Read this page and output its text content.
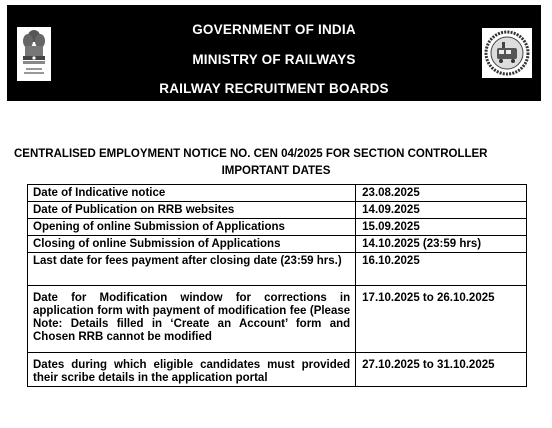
GOVERNMENT OF INDIA
MINISTRY OF RAILWAYS
RAILWAY RECRUITMENT BOARDS
CENTRALISED EMPLOYMENT NOTICE NO. CEN 04/2025 FOR SECTION CONTROLLER
IMPORTANT DATES
Date of Indicative notice	23.08.2025
Date of Publication on RRB websites	14.09.2025
Opening of online Submission of Applications	15.09.2025
Closing of online Submission of Applications	14.10.2025 (23:59 hrs)
Last date for fees payment after closing date (23:59 hrs.)	16.10.2025
Date for Modification window for corrections in application form with payment of modification fee (Please Note: Details filled in ‘Create an Account’ form and Chosen RRB cannot be modified	17.10.2025 to 26.10.2025
Dates during which eligible candidates must provided their scribe details in the application portal	27.10.2025 to 31.10.2025
